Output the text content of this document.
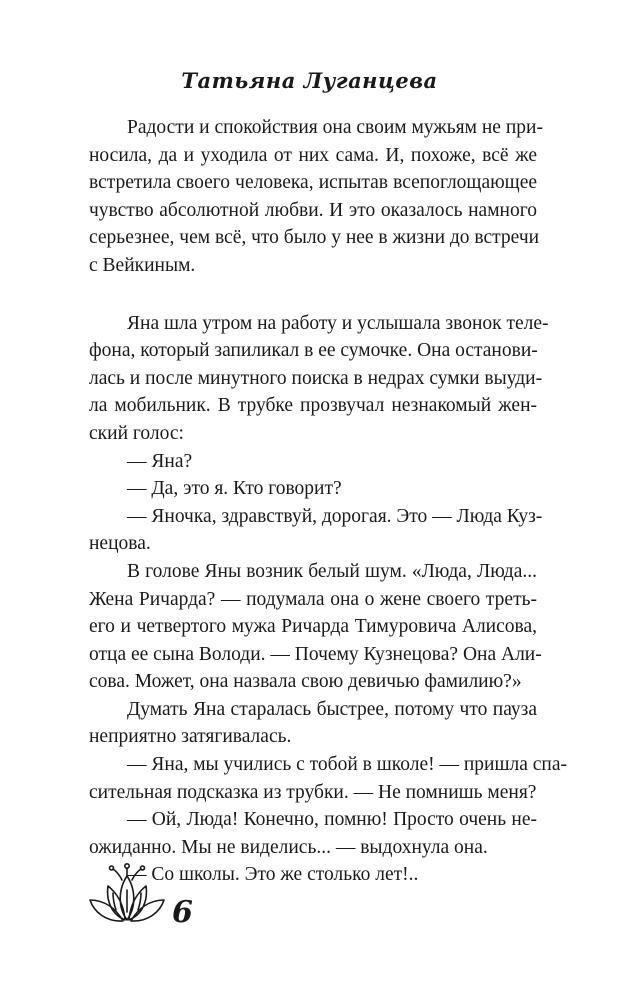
Татьяна Луганцева
Радости и спокойствия она своим мужьям не при-
носила, да и уходила от них сама. И, похоже, всё же
встретила своего человека, испытав всепоглощающее
чувство абсолютной любви. И это оказалось намного
серьезнее, чем всё, что было у нее в жизни до встречи
с Вейкиным.
Яна шла утром на работу и услышала звонок теле-
фона, который запиликал в ее сумочке. Она останови-
лась и после минутного поиска в недрах сумки выуди-
ла мобильник. В трубке прозвучал незнакомый жен-
ский голос:
— Яна?
— Да, это я. Кто говорит?
— Яночка, здравствуй, дорогая. Это — Люда Куз-
нецова.
В голове Яны возник белый шум. «Люда, Люда...
Жена Ричарда? — подумала она о жене своего треть-
его и четвертого мужа Ричарда Тимуровича Алисова,
отца ее сына Володи. — Почему Кузнецова? Она Али-
сова. Может, она назвала свою девичью фамилию?»
Думать Яна старалась быстрее, потому что пауза
неприятно затягивалась.
— Яна, мы учились с тобой в школе! — пришла спа-
сительная подсказка из трубки. — Не помнишь меня?
— Ой, Люда! Конечно, помню! Просто очень не-
ожиданно. Мы не виделись... — выдохнула она.
— Со школы. Это же столько лет!..
6
